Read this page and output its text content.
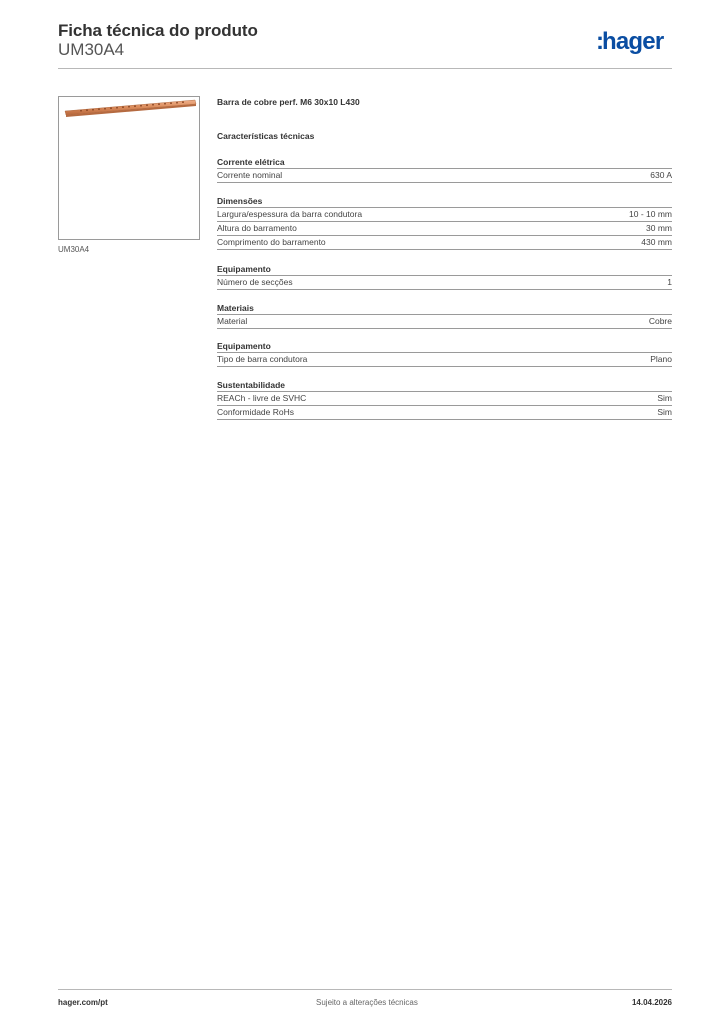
Ficha técnica do produto
UM30A4	:hager
UM30A4
Barra de cobre perf. M6 30x10 L430
Características técnicas
Corrente elétrica
Corrente nominal	630 A
Dimensões
Largura/espessura da barra condutora	10 - 10 mm
Altura do barramento	30 mm
Comprimento do barramento	430 mm
Equipamento
Número de secções	1
Materiais
Material	Cobre
Equipamento
Tipo de barra condutora	Plano
Sustentabilidade
REACh - livre de SVHC	Sim
Conformidade RoHs	Sim
hager.com/pt	Sujeito a alterações técnicas	14.04.2026
